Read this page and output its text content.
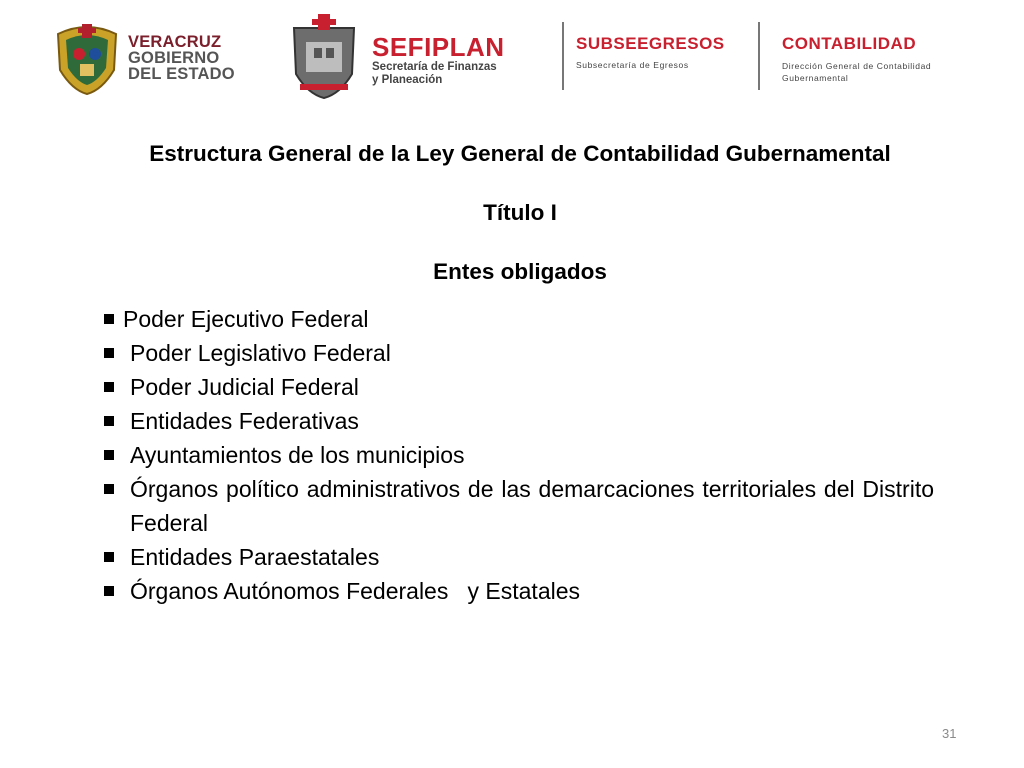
VERACRUZ
GOBIERNO
DEL ESTADO
SEFIPLAN
Secretaría de Finanzas
y Planeación
SUBSEEGRESOS
Subsecretaría de Egresos
CONTABILIDAD
Dirección General de Contabilidad
Gubernamental
Estructura General de la Ley General de Contabilidad Gubernamental
Título I
Entes obligados
Poder Ejecutivo Federal
Poder Legislativo Federal
Poder Judicial Federal
Entidades Federativas
Ayuntamientos de los municipios
Órganos político administrativos de las demarcaciones territoriales del Distrito Federal
Entidades Paraestatales
Órganos Autónomos Federales   y Estatales
31
